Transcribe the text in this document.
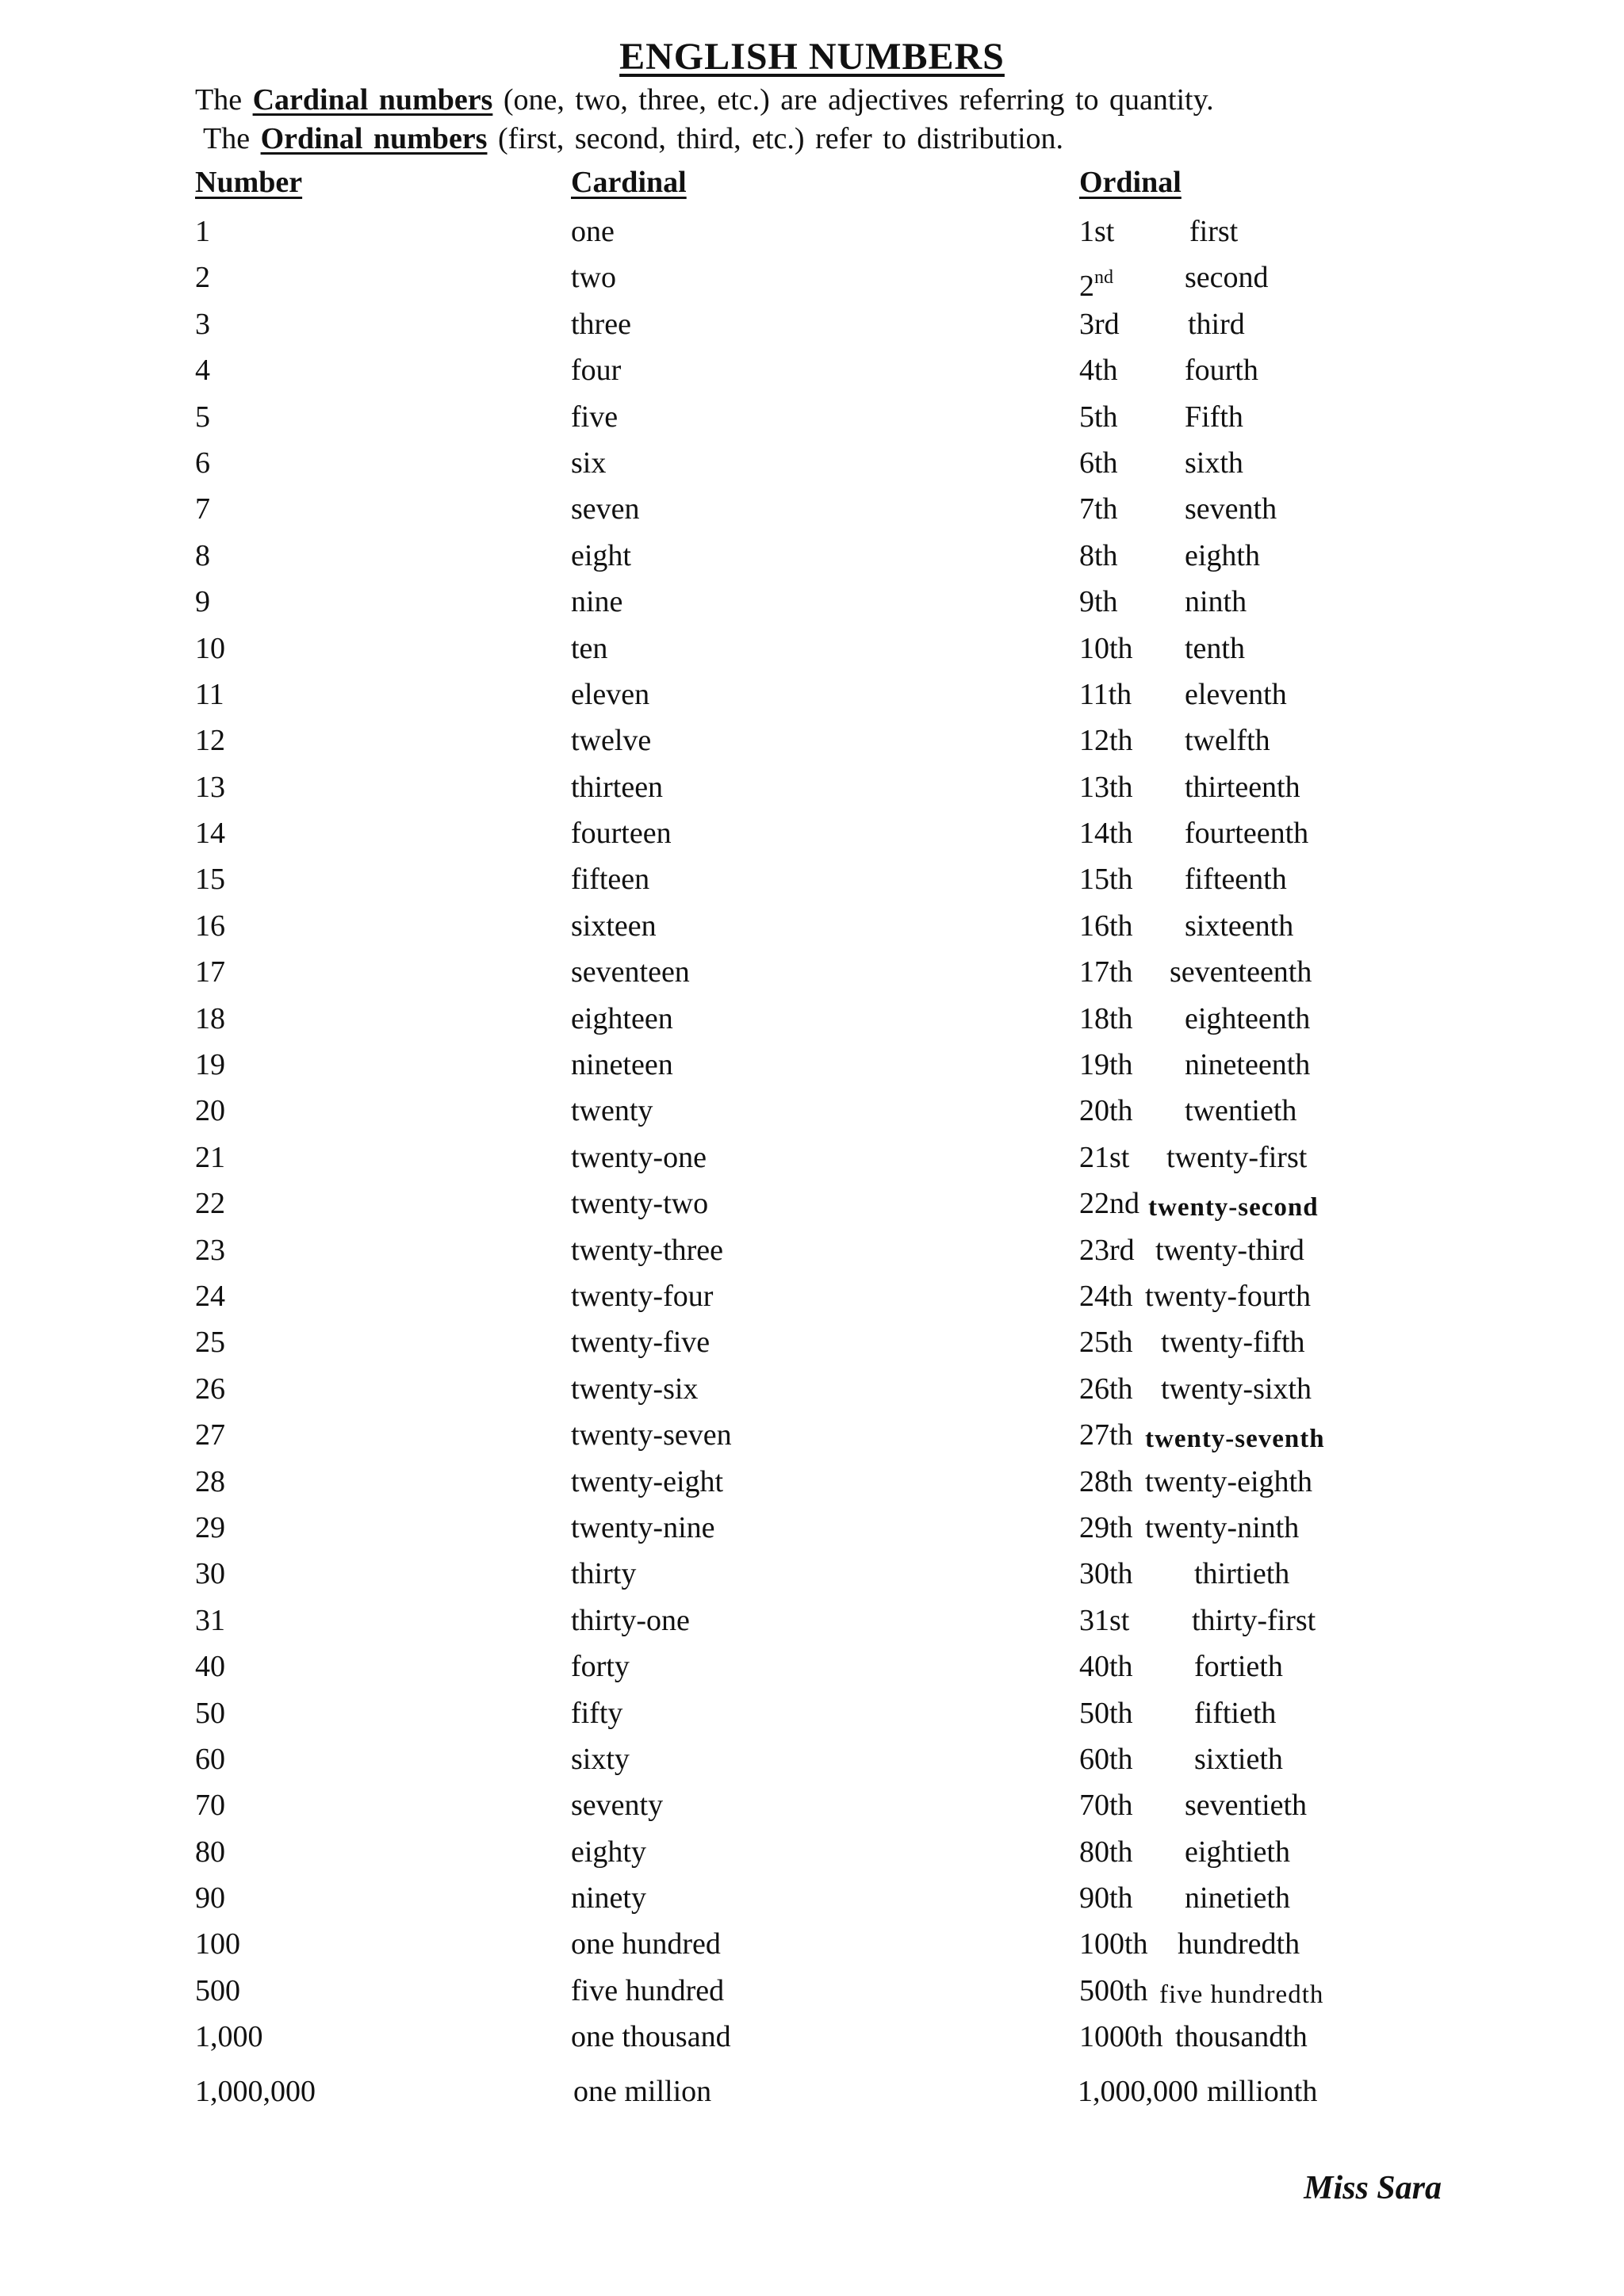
ENGLISH NUMBERS
The Cardinal numbers (one, two, three, etc.) are adjectives referring to quantity.
The Ordinal numbers (first, second, third, etc.) refer to distribution.
Number	Cardinal	Ordinal
1	one	1st first
2	two	2nd second
3	three	3rd third
4	four	4th fourth
5	five	5th Fifth
6	six	6th sixth
7	seven	7th seventh
8	eight	8th eighth
9	nine	9th ninth
10	ten	10th tenth
11	eleven	11th eleventh
12	twelve	12th twelfth
13	thirteen	13th thirteenth
14	fourteen	14th fourteenth
15	fifteen	15th fifteenth
16	sixteen	16th sixteenth
17	seventeen	17th seventeenth
18	eighteen	18th eighteenth
19	nineteen	19th nineteenth
20	twenty	20th twentieth
21	twenty-one	21st twenty-first
22	twenty-two	22nd twenty-second
23	twenty-three	23rd twenty-third
24	twenty-four	24th twenty-fourth
25	twenty-five	25th twenty-fifth
26	twenty-six	26th twenty-sixth
27	twenty-seven	27th twenty-seventh
28	twenty-eight	28th twenty-eighth
29	twenty-nine	29th twenty-ninth
30	thirty	30th thirtieth
31	thirty-one	31st thirty-first
40	forty	40th fortieth
50	fifty	50th fiftieth
60	sixty	60th sixtieth
70	seventy	70th seventieth
80	eighty	80th eightieth
90	ninety	90th ninetieth
100	one hundred	100th hundredth
500	five hundred	500th five hundredth
1,000	one thousand	1000th thousandth
1,000,000	one million	1,000,000 millionth
Miss Sara
